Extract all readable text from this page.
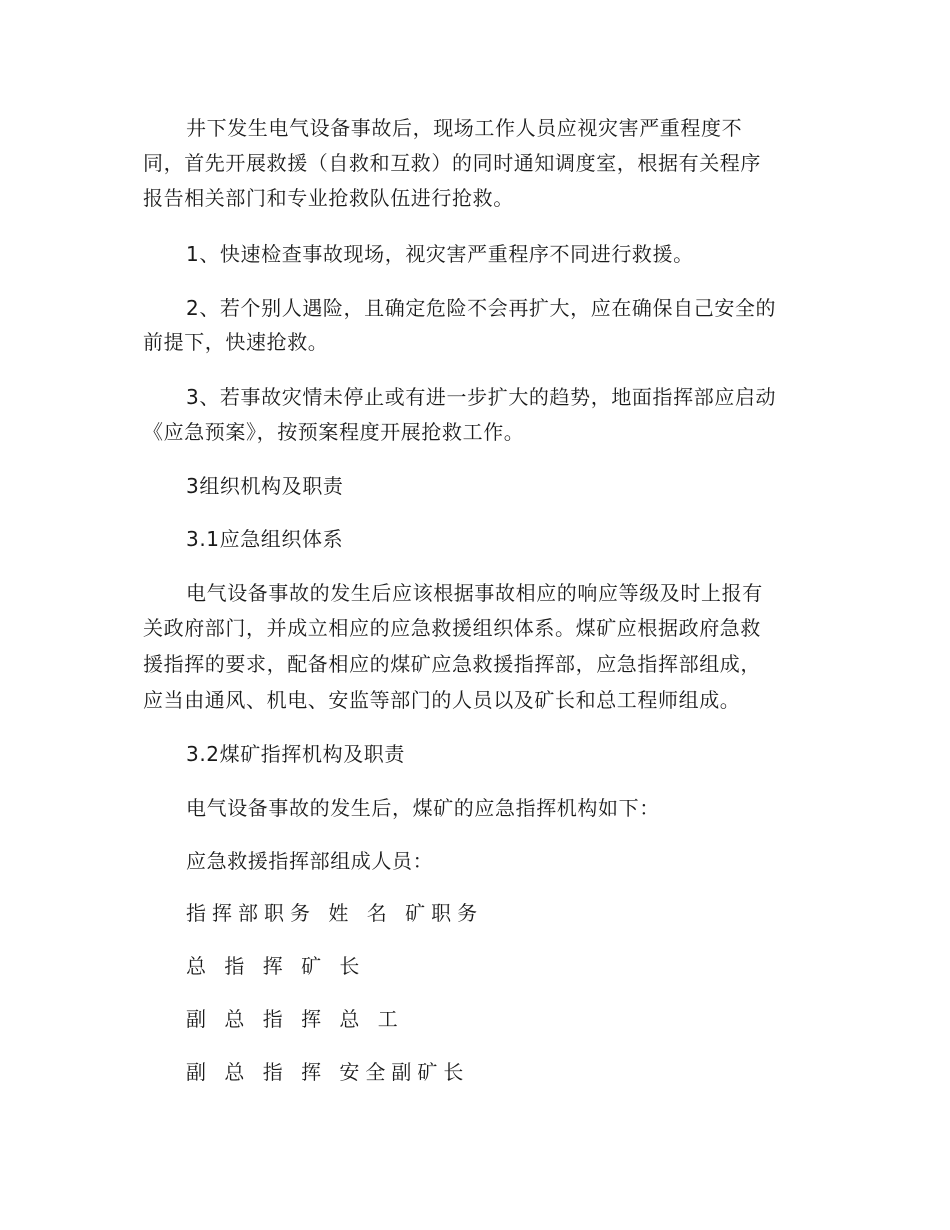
井下发生电气设备事故后，现场工作人员应视灾害严重程度不
同，首先开展救援（自救和互救）的同时通知调度室，根据有关程序
报告相关部门和专业抢救队伍进行抢救。
1、快速检查事故现场，视灾害严重程序不同进行救援。
2、若个别人遇险，且确定危险不会再扩大，应在确保自己安全的
前提下，快速抢救。
3、若事故灾情未停止或有进一步扩大的趋势，地面指挥部应启动
《应急预案》，按预案程度开展抢救工作。
3组织机构及职责
3.1应急组织体系
电气设备事故的发生后应该根据事故相应的响应等级及时上报有
关政府部门，并成立相应的应急救援组织体系。煤矿应根据政府急救
援指挥的要求，配备相应的煤矿应急救援指挥部，应急指挥部组成，
应当由通风、机电、安监等部门的人员以及矿长和总工程师组成。
3.2煤矿指挥机构及职责
电气设备事故的发生后，煤矿的应急指挥机构如下：
应急救援指挥部组成人员：
指挥部职务 姓 名 矿职务
总 指 挥 矿 长
副 总 指 挥 总 工
副 总 指 挥 安全副矿长
